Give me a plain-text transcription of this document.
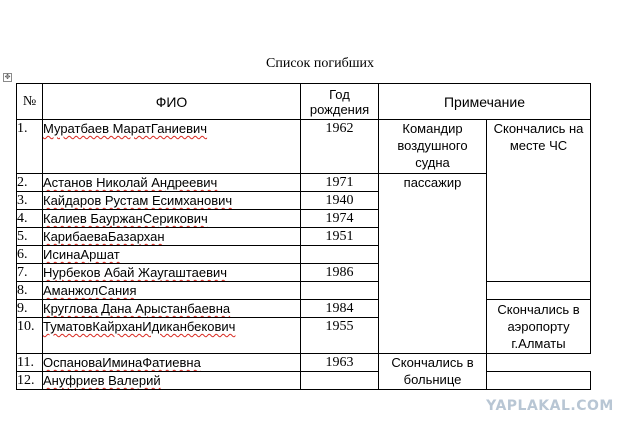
Список погибших
✥
№	ФИО	Год рождения	Примечание	
1.	Муратбаев МаратГаниевич	1962	Командир воздушного судна	Скончались на месте ЧС
2.	Астанов Николай Андреевич	1971	пассажир	
3.	Кайдаров Рустам Есимханович	1940		
4.	Калиев БауржанСерикович	1974		
5.	КарибаеваБазархан	1951		
6.	ИсинаАршат			
7.	Нурбеков Абай Жаугаштаевич	1986		
8.	АманжолСания			
9.	Круглова Дана Арыстанбаевна	1984		Скончались в аэропорту г.Алматы
10.	ТуматовКайрханИдиканбекович	1955		
11.	ОспановаИминаФатиевна	1963	Скончались в больнице	
12.	Ануфриев Валерий			
YAPLAKAL.COM
